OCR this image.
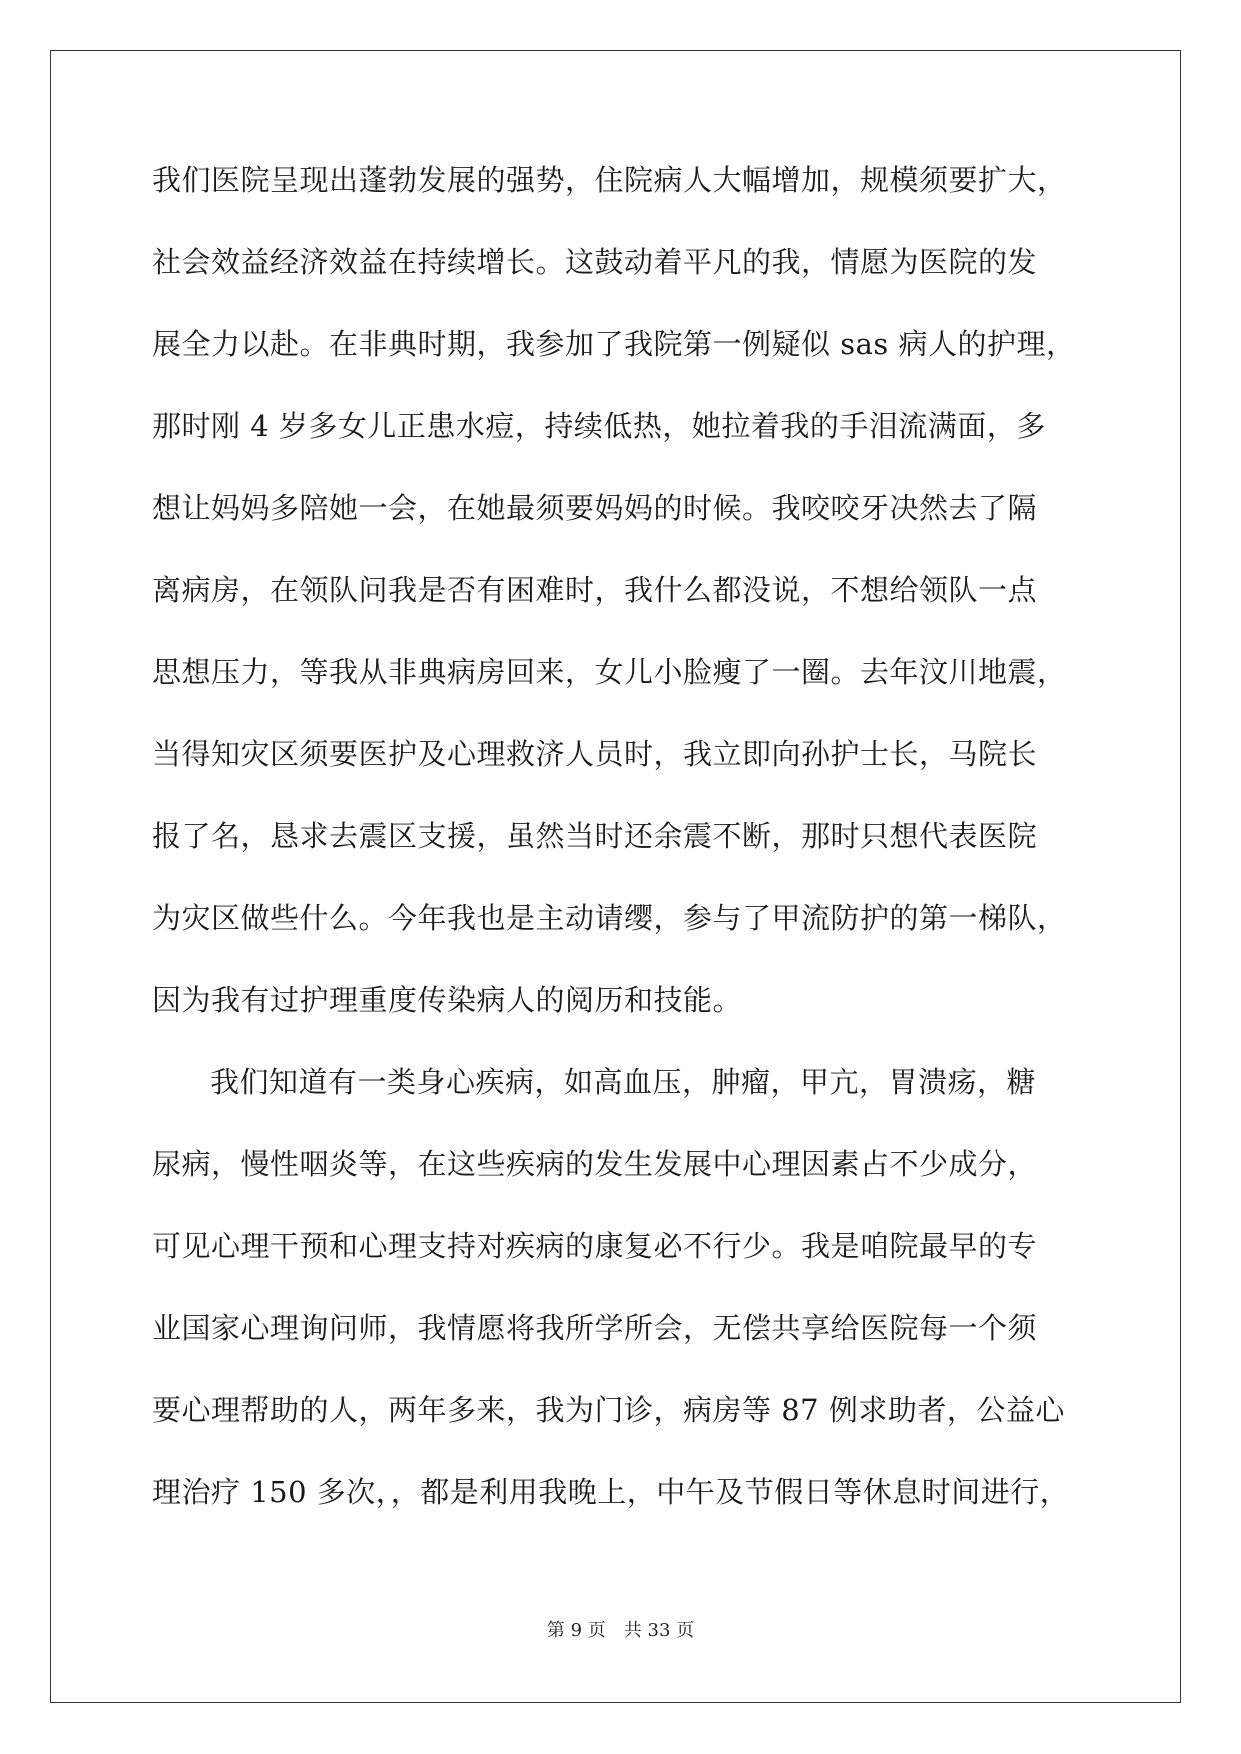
我们医院呈现出蓬勃发展的强势，住院病人大幅增加，规模须要扩大，
社会效益经济效益在持续增长。这鼓动着平凡的我，情愿为医院的发
展全力以赴。在非典时期，我参加了我院第一例疑似 sas 病人的护理，
那时刚 4 岁多女儿正患水痘，持续低热，她拉着我的手泪流满面，多
想让妈妈多陪她一会，在她最须要妈妈的时候。我咬咬牙决然去了隔
离病房，在领队问我是否有困难时，我什么都没说，不想给领队一点
思想压力，等我从非典病房回来，女儿小脸瘦了一圈。去年汶川地震，
当得知灾区须要医护及心理救济人员时，我立即向孙护士长，马院长
报了名，恳求去震区支援，虽然当时还余震不断，那时只想代表医院
为灾区做些什么。今年我也是主动请缨，参与了甲流防护的第一梯队，
因为我有过护理重度传染病人的阅历和技能。
我们知道有一类身心疾病，如高血压，肿瘤，甲亢，胃溃疡，糖
尿病，慢性咽炎等，在这些疾病的发生发展中心理因素占不少成分，
可见心理干预和心理支持对疾病的康复必不行少。我是咱院最早的专
业国家心理询问师，我情愿将我所学所会，无偿共享给医院每一个须
要心理帮助的人，两年多来，我为门诊，病房等 87 例求助者，公益心
理治疗 150 多次，，都是利用我晚上，中午及节假日等休息时间进行，
第 9 页　共 33 页
